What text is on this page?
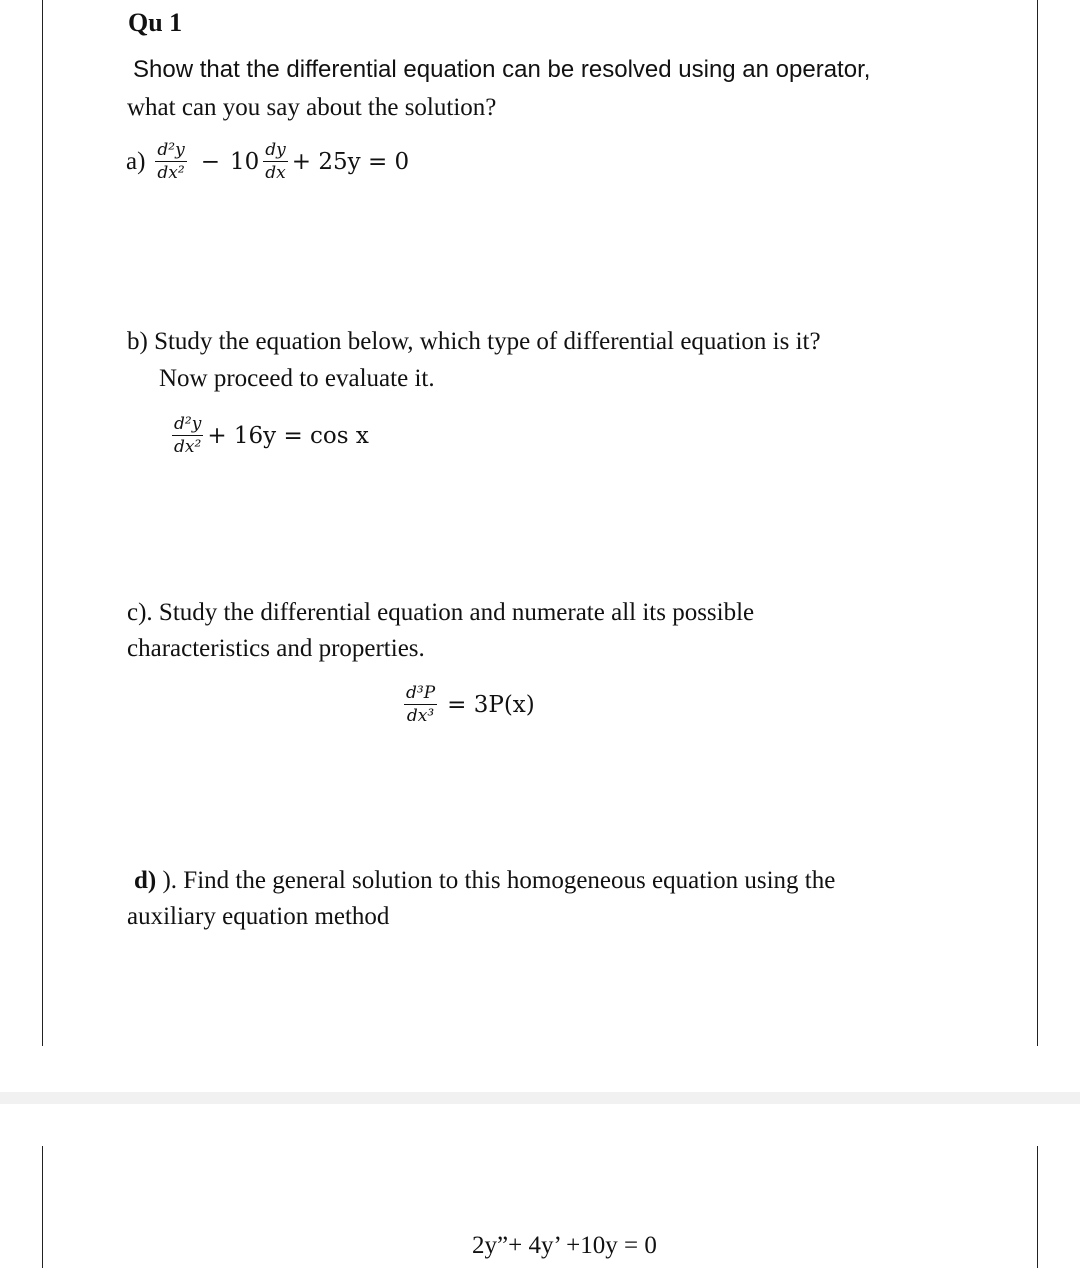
Qu 1
Show that the differential equation can be resolved using an operator,
what can you say about the solution?
$a) \frac{\text{d²y}}{\text{dx²}} - 10 \frac{dy}{dx} + 25y = 0$
b) Study the equation below, which type of differential equation is it?
Now proceed to evaluate it.
$\frac{\text{d²y}}{\text{dx²}} + 16y = \cos x$
c). Study the differential equation and numerate all its possible
characteristics and properties.
$\frac{\text{d³P}}{\text{dx³}} = 3P(x)$
d) ). Find the general solution to this homogeneous equation using the
auxiliary equation method
2y”+ 4y’ +10y = 0
